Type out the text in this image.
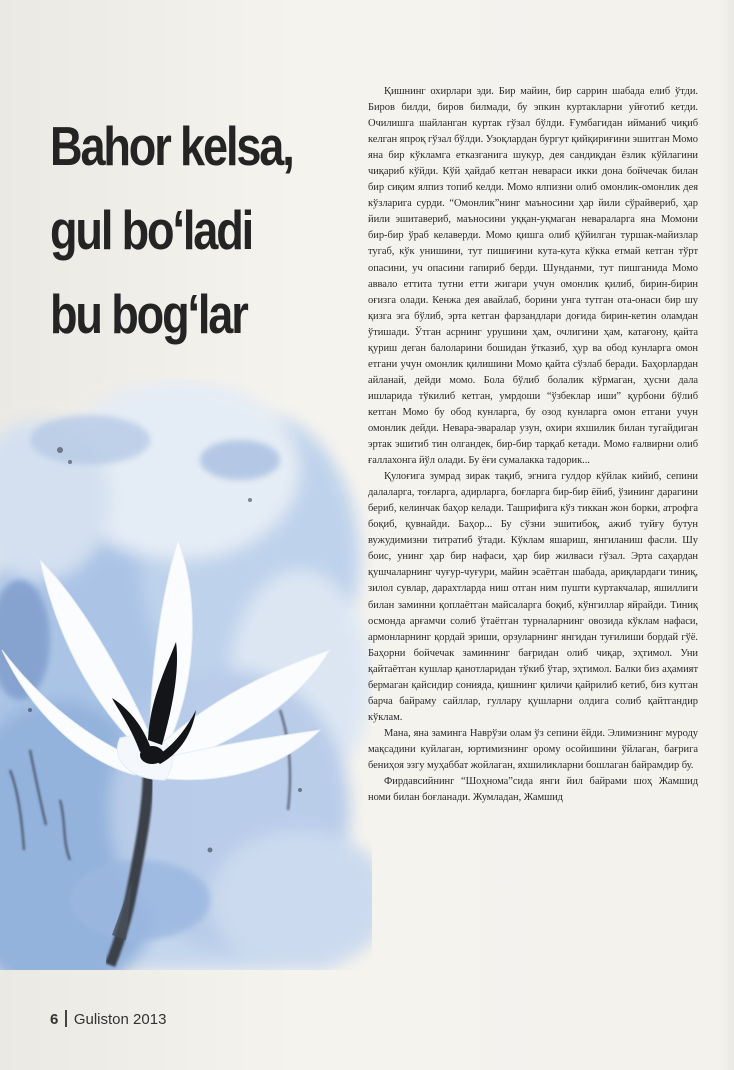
Bahor kelsa,
gul bo‘ladi
bu bog‘lar

Қишнинг охирлари эди. Бир майин, бир саррин шабада елиб ўтди. Биров билди, биров билмади, бу эпкин куртакларни уйғотиб кетди. Очилишга шайланган куртак гўзал бўлди. Ғумбагидан ийманиб чиқиб келган япроқ гўзал бўлди. Узоқлардан бургут қийқириғини эшитган Момо яна бир кўкламга етказганига шукур, дея сандиқдан ёзлик кўйлагини чиқариб кўйди. Кўй ҳайдаб кетган невараси икки дона бойчечак билан бир сиқим ялпиз топиб келди. Момо ялпизни олиб омонлик-омонлик дея кўзларига сурди. “Омонлик”нинг маъносини ҳар йили сўрайвериб, ҳар йили эшитавериб, маъносини уққан-уқмаган невараларга яна Момони бир-бир ўраб келаверди. Момо қишга олиб қўйилган туршак-майизлар тугаб, кўк унишини, тут пишиғини кута-кута кўкка етмай кетган тўрт опасини, уч опасини гапириб берди. Шунданми, тут пишганида Момо аввало еттита тутни етти жигари учун омонлик қилиб, бирин-бирин оғизга олади. Кенжа дея авайлаб, борини унга тутган ота-онаси бир шу қизга эга бўлиб, эрта кетган фарзандлари доғида бирин-кетин оламдан ўтишади. Ўтган асрнинг урушини ҳам, очлигини ҳам, катағону, қайта қуриш деган балоларини бошидан ўтказиб, ҳур ва обод кунларга омон етгани учун омонлик қилишини Момо қайта сўзлаб беради. Баҳорлардан айланай, дейди момо. Бола бўлиб болалик кўрмаган, ҳусни дала ишларида тўкилиб кетган, умрдоши “ўзбеклар иши” қурбони бўлиб кетган Момо бу обод кунларга, бу озод кунларга омон етгани учун омонлик дейди. Невара-эваралар узун, охири яхшилик билан тугайдиган эртак эшитиб тин олгандек, бир-бир тарқаб кетади. Момо ғалвирни олиб ғаллахонга йўл олади. Бу ёғи сумалакка тадорик...

Қулоғига зумрад зирак тақиб, эгнига гулдор кўйлак кийиб, сепини далаларга, тоғларга, адирларга, боғларга бир-бир ёйиб, ўзининг дарагини бериб, келинчак баҳор келади. Ташрифига кўз тиккан жон борки, атрофга боқиб, қувнайди. Баҳор... Бу сўзни эшитибоқ, ажиб туйғу бутун вужудимизни титратиб ўтади. Кўклам яшариш, янгиланиш фасли. Шу боис, унинг ҳар бир нафаси, ҳар бир жилваси гўзал. Эрта саҳардан қушчаларнинг чуғур-чуғури, майин эсаётган шабада, ариқлардаги тиниқ, зилол сувлар, дарахтларда ниш отган ним пушти куртакчалар, яшиллиги билан заминни қоплаётган майсаларга боқиб, кўнгиллар яйрайди. Тиниқ осмонда арғамчи солиб ўтаётган турналарнинг овозида кўклам нафаси, армонларнинг қордай эриши, орзуларнинг янгидан туғилиши бордай гўё. Баҳорни бойчечак заминнинг бағридан олиб чиқар, эҳтимол. Уни қайтаётган кушлар қанотларидан тўкиб ўтар, эҳтимол. Балки биз аҳамият бермаган қайсидир сонияда, қишнинг қиличи қайрилиб кетиб, биз кутган барча байраму сайллар, гуллару қушларни олдига солиб қайтгандир кўклам.

Мана, яна заминга Наврўзи олам ўз сепини ёйди. Элимизнинг муроду мақсадини куйлаган, юртимизнинг орому осойишини ўйлаган, бағрига бениҳоя эзгу муҳаббат жойлаган, яхшиликларни бошлаган байрамдир бу.

Фирдавсийнинг “Шоҳнома”сида янги йил байрами шоҳ Жамшид номи билан боғланади. Жумладан, Жамшид

6 Guliston 2013
